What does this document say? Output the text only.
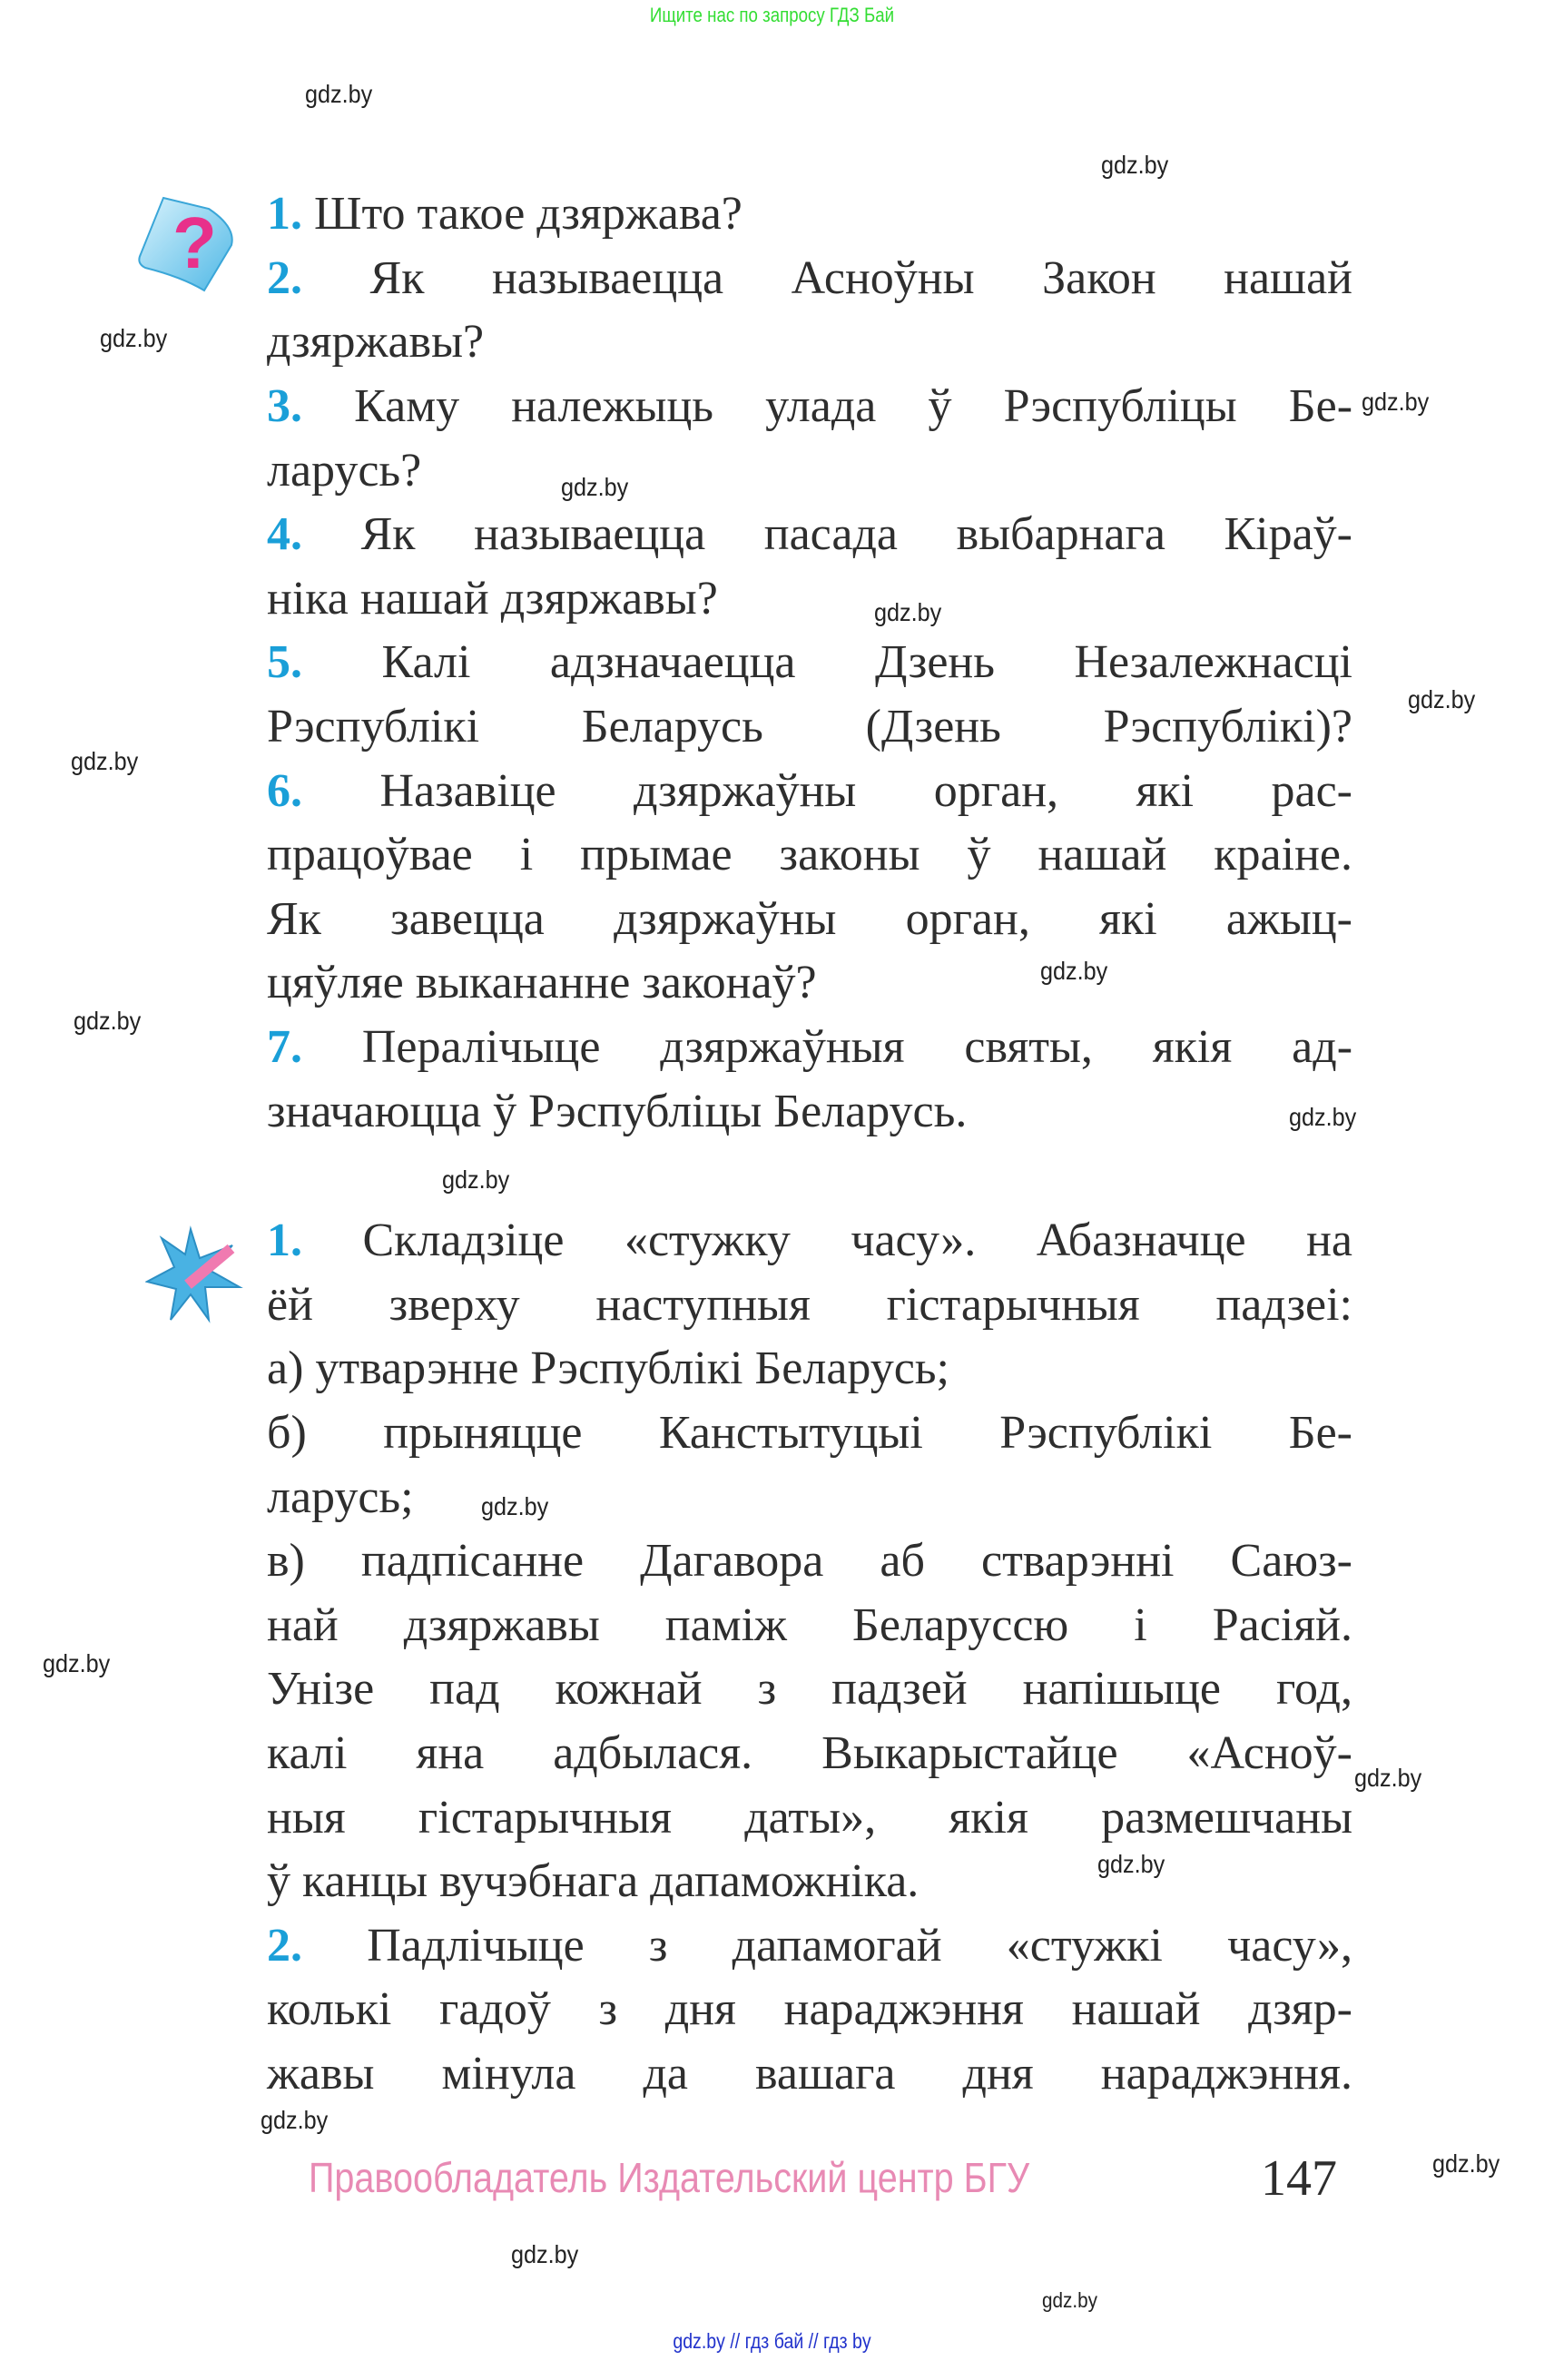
Ищите нас по запросу ГДЗ Бай
gdz.by
gdz.by
gdz.by
gdz.by
gdz.by
gdz.by
gdz.by
gdz.by
gdz.by
gdz.by
gdz.by
gdz.by
gdz.by
gdz.by
gdz.by
gdz.by
gdz.by
gdz.by
gdz.by
gdz.by
? 1. Што такое дзяржава?
2. Як называецца Асноўны Закон нашай
дзяржавы?
3. Каму належыць улада ў Рэспубліцы Бе-
ларусь?
4. Як называецца пасада выбарнага Кіраў-
ніка нашай дзяржавы?
5. Калі адзначаецца Дзень Незалежнасці
Рэспублікі Беларусь (Дзень Рэспублікі)?
6. Назавіце дзяржаўны орган, які рас-
працоўвае і прымае законы ў нашай краіне.
Як завецца дзяржаўны орган, які ажыц-
цяўляе выкананне законаў?
7. Пералічыце дзяржаўныя святы, якія ад-
значаюцца ў Рэспубліцы Беларусь.
1. Складзіце «стужку часу». Абазначце на
ёй зверху наступныя гістарычныя падзеі:
а) утварэнне Рэспублікі Беларусь;
б) прыняцце Канстытуцыі Рэспублікі Бе-
ларусь;
в) падпісанне Дагавора аб стварэнні Саюз-
най дзяржавы паміж Беларуссю і Расіяй.
Унізе пад кожнай з падзей напішыце год,
калі яна адбылася. Выкарыстайце «Асноў-
ныя гістарычныя даты», якія размешчаны
ў канцы вучэбнага дапаможніка.
2. Падлічыце з дапамогай «стужкі часу»,
колькі гадоў з дня нараджэння нашай дзяр-
жавы мінула да вашага дня нараджэння.
Правообладатель Издательский центр БГУ	147
gdz.by // гдз бай // гдз by
